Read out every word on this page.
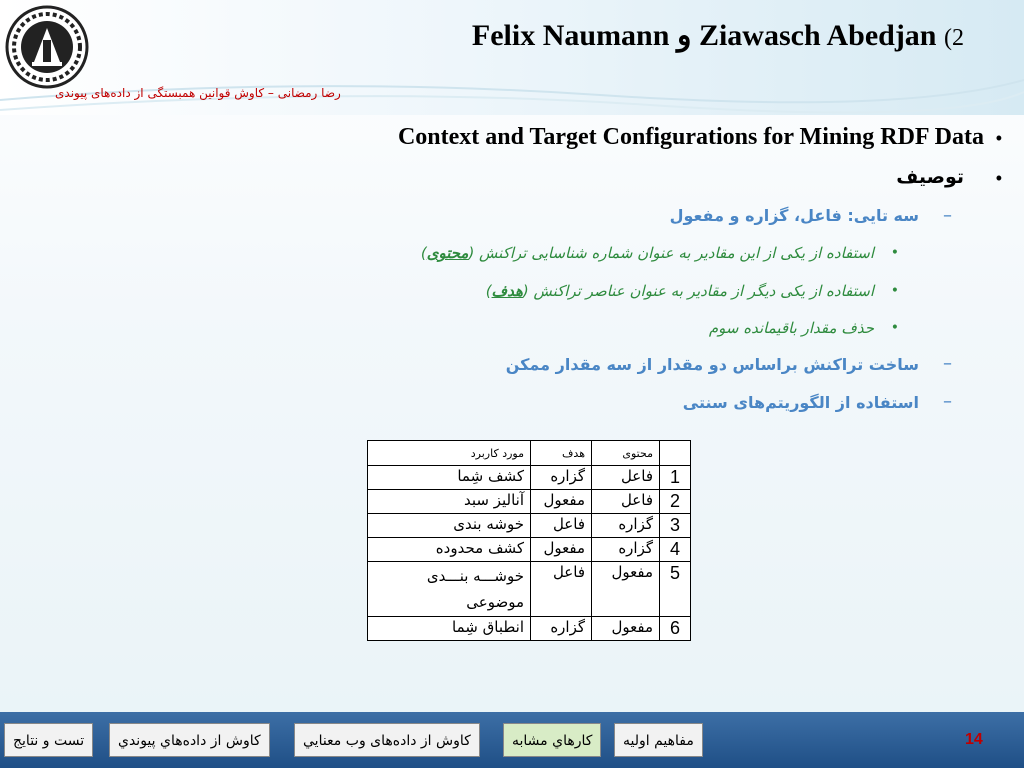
Felix Naumann و Ziawasch Abedjan (2
رضا رمضانی – کاوش قوانین همبستگی از داده‌های پیوندی
•
Context and Target Configurations for Mining RDF Data
•
توصیف
–
سه تایی: فاعل، گزاره و مفعول
•
استفاده از یکی از این مقادیر به عنوان شماره شناسایی تراکنش (محتوی)
•
استفاده از یکی دیگر از مقادیر به عنوان عناصر تراکنش (هدف)
•
حذف مقدار باقیمانده سوم
–
ساخت تراکنش براساس دو مقدار از سه مقدار ممکن
–
استفاده از الگوریتم‌های سنتی
	محتوی	هدف	مورد کاربرد
1	فاعل	گزاره	کشف شِما
2	فاعل	مفعول	آنالیز سبد
3	گزاره	فاعل	خوشه بندی
4	گزاره	مفعول	کشف محدوده
5	مفعول	فاعل	خوشـــه بنـــدی موضوعی
6	مفعول	گزاره	انطباق شِما
مفاهیم اولیه
کارهاي مشابه
کاوش از داده‌های وب معنايي
کاوش از داده‌هاي پيوندي
تست و نتايج	14
